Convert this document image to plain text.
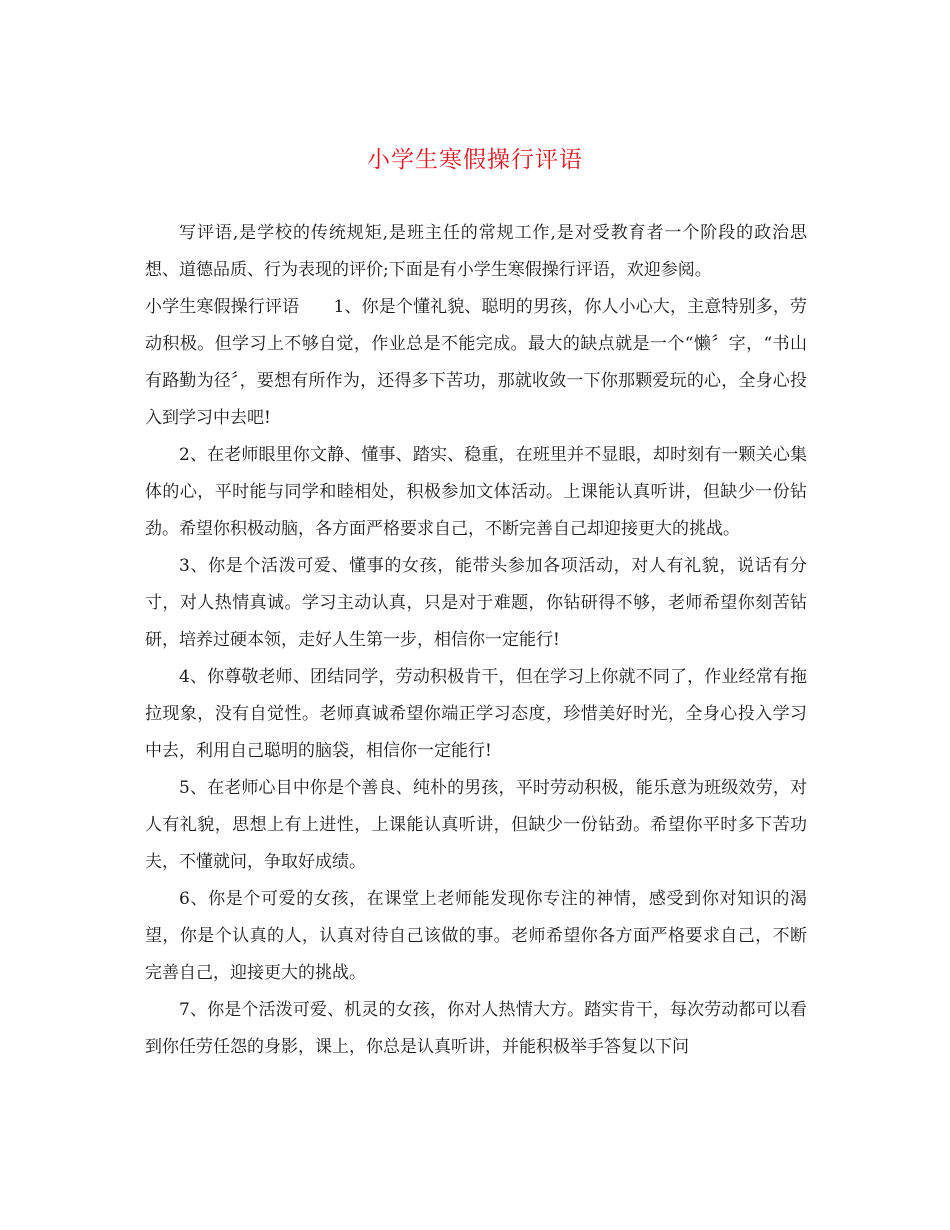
小学生寒假操行评语

写评语,是学校的传统规矩,是班主任的常规工作,是对受教育者一个阶段的政治思想、道德品质、行为表现的评价;下面是有小学生寒假操行评语，欢迎参阅。

小学生寒假操行评语　　1、你是个懂礼貌、聪明的男孩，你人小心大，主意特别多，劳动积极。但学习上不够自觉，作业总是不能完成。最大的缺点就是一个“懒〞字，“书山有路勤为径〞，要想有所作为，还得多下苦功，那就收敛一下你那颗爱玩的心，全身心投入到学习中去吧!

2、在老师眼里你文静、懂事、踏实、稳重，在班里并不显眼，却时刻有一颗关心集体的心，平时能与同学和睦相处，积极参加文体活动。上课能认真听讲，但缺少一份钻劲。希望你积极动脑，各方面严格要求自己，不断完善自己却迎接更大的挑战。

3、你是个活泼可爱、懂事的女孩，能带头参加各项活动，对人有礼貌，说话有分寸，对人热情真诚。学习主动认真，只是对于难题，你钻研得不够，老师希望你刻苦钻研，培养过硬本领，走好人生第一步，相信你一定能行!

4、你尊敬老师、团结同学，劳动积极肯干，但在学习上你就不同了，作业经常有拖拉现象，没有自觉性。老师真诚希望你端正学习态度，珍惜美好时光，全身心投入学习中去，利用自己聪明的脑袋，相信你一定能行!

5、在老师心目中你是个善良、纯朴的男孩，平时劳动积极，能乐意为班级效劳，对人有礼貌，思想上有上进性，上课能认真听讲，但缺少一份钻劲。希望你平时多下苦功夫，不懂就问，争取好成绩。

6、你是个可爱的女孩，在课堂上老师能发现你专注的神情，感受到你对知识的渴望，你是个认真的人，认真对待自己该做的事。老师希望你各方面严格要求自己，不断完善自己，迎接更大的挑战。

7、你是个活泼可爱、机灵的女孩，你对人热情大方。踏实肯干，每次劳动都可以看到你任劳任怨的身影，课上，你总是认真听讲，并能积极举手答复以下问
